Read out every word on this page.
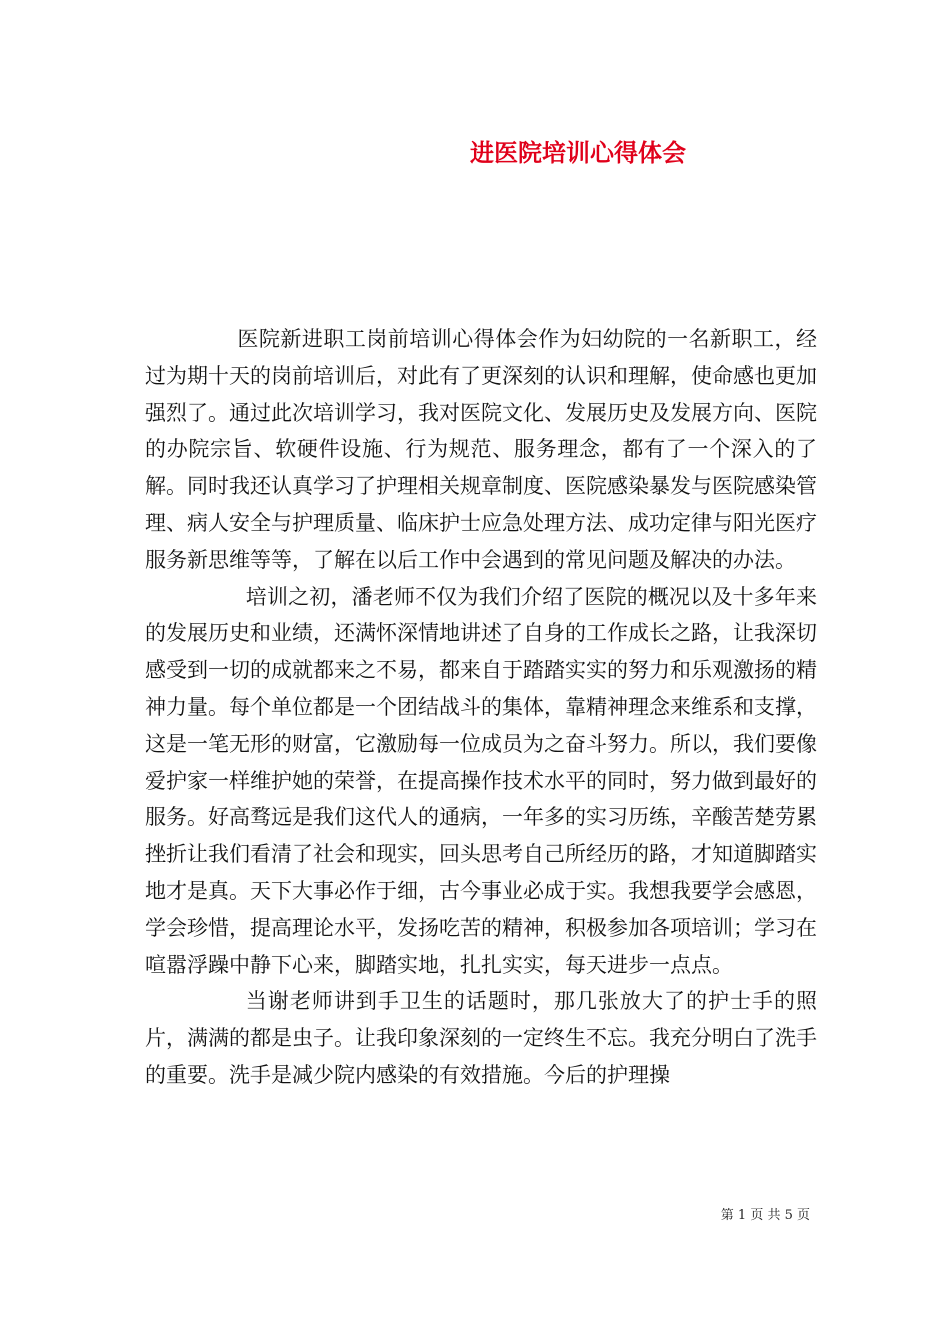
进医院培训心得体会

医院新进职工岗前培训心得体会作为妇幼院的一名新职工，经过为期十天的岗前培训后，对此有了更深刻的认识和理解，使命感也更加强烈了。通过此次培训学习，我对医院文化、发展历史及发展方向、医院的办院宗旨、软硬件设施、行为规范、服务理念，都有了一个深入的了解。同时我还认真学习了护理相关规章制度、医院感染暴发与医院感染管理、病人安全与护理质量、临床护士应急处理方法、成功定律与阳光医疗服务新思维等等，了解在以后工作中会遇到的常见问题及解决的办法。

培训之初，潘老师不仅为我们介绍了医院的概况以及十多年来的发展历史和业绩，还满怀深情地讲述了自身的工作成长之路，让我深切感受到一切的成就都来之不易，都来自于踏踏实实的努力和乐观激扬的精神力量。每个单位都是一个团结战斗的集体，靠精神理念来维系和支撑，这是一笔无形的财富，它激励每一位成员为之奋斗努力。所以，我们要像爱护家一样维护她的荣誉，在提高操作技术水平的同时，努力做到最好的服务。好高骛远是我们这代人的通病，一年多的实习历练，辛酸苦楚劳累挫折让我们看清了社会和现实，回头思考自己所经历的路，才知道脚踏实地才是真。天下大事必作于细，古今事业必成于实。我想我要学会感恩，学会珍惜，提高理论水平，发扬吃苦的精神，积极参加各项培训；学习在喧嚣浮躁中静下心来，脚踏实地，扎扎实实，每天进步一点点。

当谢老师讲到手卫生的话题时，那几张放大了的护士手的照片，满满的都是虫子。让我印象深刻的一定终生不忘。我充分明白了洗手的重要。洗手是减少院内感染的有效措施。今后的护理操

第 1 页 共 5 页
